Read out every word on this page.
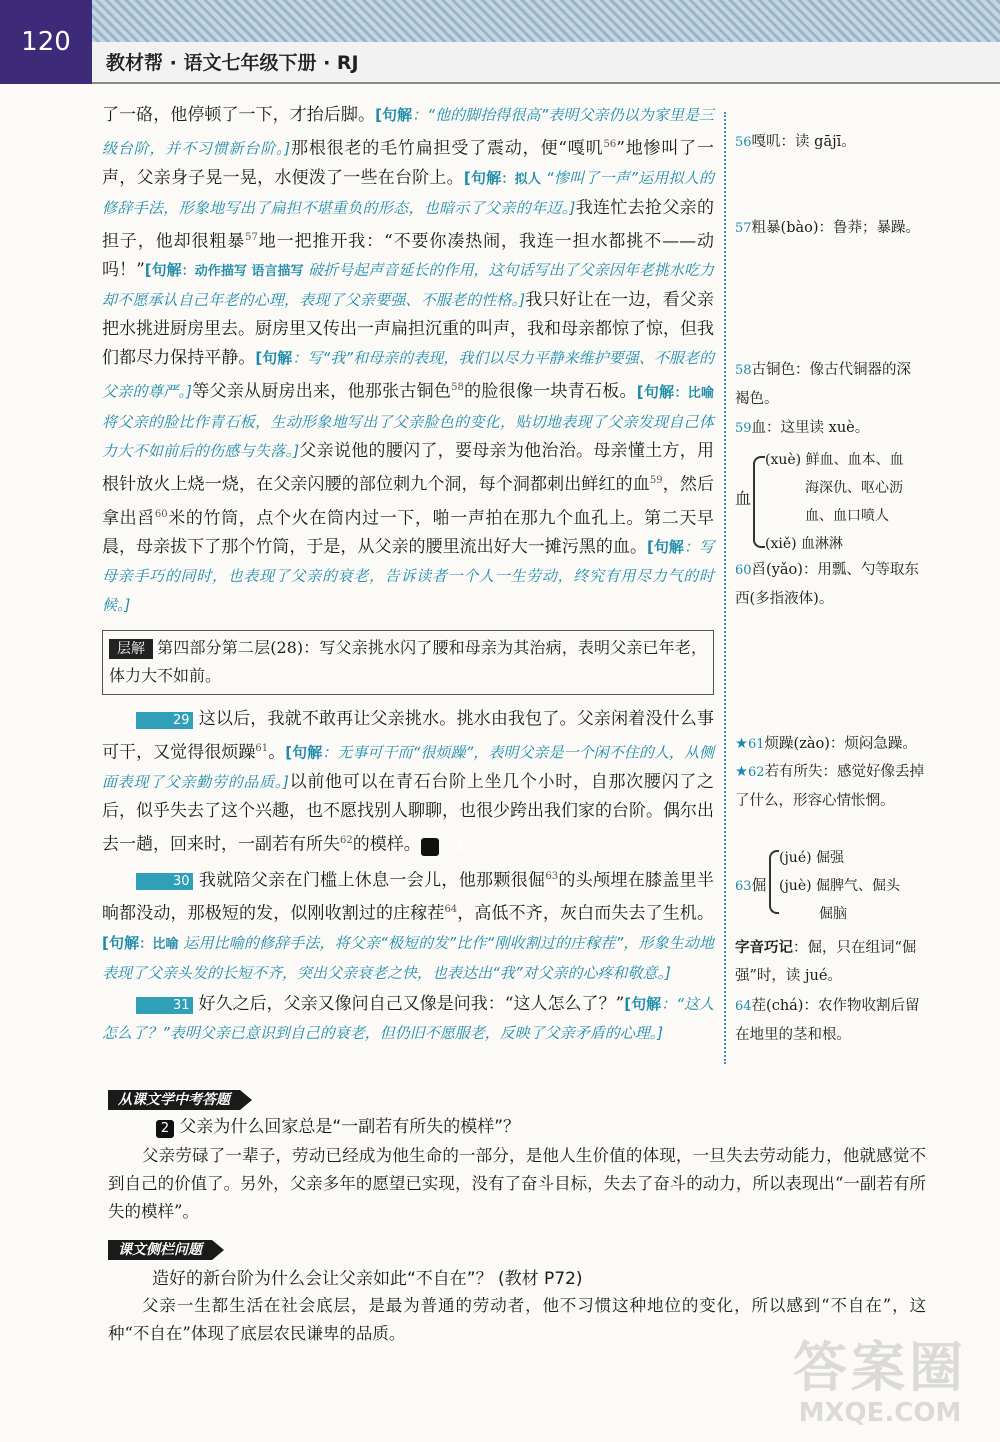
120
教材帮 · 语文七年级下册 · RJ

了一硌，他停顿了一下，才抬后脚。[句解：“他的脚抬得很高”表明父亲仍以为家里是三级台阶，并不习惯新台阶。]那根很老的毛竹扁担受了震动，便“嘎叽$^{56}$”地惨叫了一声，父亲身子晃一晃，水便泼了一些在台阶上。[句解：拟人 “惨叫了一声”运用拟人的修辞手法，形象地写出了扁担不堪重负的形态，也暗示了父亲的年迈。]我连忙去抢父亲的担子，他却很粗暴$^{57}$地一把推开我：“不要你凑热闹，我连一担水都挑不——动吗！”[句解：动作描写 语言描写 破折号起声音延长的作用，这句话写出了父亲因年老挑水吃力却不愿承认自己年老的心理，表现了父亲要强、不服老的性格。]我只好让在一边，看父亲把水挑进厨房里去。厨房里又传出一声扁担沉重的叫声，我和母亲都惊了惊，但我们都尽力保持平静。[句解：写“我”和母亲的表现，我们以尽力平静来维护要强、不服老的父亲的尊严。]等父亲从厨房出来，他那张古铜色$^{58}$的脸很像一块青石板。[句解：比喻 将父亲的脸比作青石板，生动形象地写出了父亲脸色的变化，贴切地表现了父亲发现自己体力大不如前后的伤感与失落。]父亲说他的腰闪了，要母亲为他治治。母亲懂土方，用根针放火上烧一烧，在父亲闪腰的部位刺九个洞，每个洞都刺出鲜红的血$^{59}$，然后拿出舀$^{60}$米的竹筒，点个火在筒内过一下，啪一声拍在那九个血孔上。第二天早晨，母亲拔下了那个竹筒，于是，从父亲的腰里流出好大一摊污黑的血。[句解：写母亲手巧的同时，也表现了父亲的衰老，告诉读者一个人一生劳动，终究有用尽力气的时候。]

层解 第四部分第二层(28)：写父亲挑水闪了腰和母亲为其治病，表明父亲已年老，体力大不如前。

29 这以后，我就不敢再让父亲挑水。挑水由我包了。父亲闲着没什么事可干，又觉得很烦躁$^{61}$。[句解：无事可干而“很烦躁”，表明父亲是一个闲不住的人，从侧面表现了父亲勤劳的品质。]以前他可以在青石台阶上坐几个小时，自那次腰闪了之后，似乎失去了这个兴趣，也不愿找别人聊聊，也很少跨出我们家的台阶。偶尔出去一趟，回来时，一副若有所失$^{62}$的模样。	2

30 我就陪父亲在门槛上休息一会儿，他那颗很倔$^{63}$的头颅埋在膝盖里半晌都没动，那极短的发，似刚收割过的庄稼茬$^{64}$，高低不齐，灰白而失去了生机。[句解：比喻 运用比喻的修辞手法，将父亲“极短的发”比作“刚收割过的庄稼茬”，形象生动地表现了父亲头发的长短不齐，突出父亲衰老之快，也表达出“我”对父亲的心疼和敬意。]

31 好久之后，父亲又像问自己又像是问我：“这人怎么了？”[句解：“这人怎么了？”表明父亲已意识到自己的衰老，但仍旧不愿服老，反映了父亲矛盾的心理。]

56嘎叽：读 gājī。
57粗暴(bào)：鲁莽；暴躁。
58古铜色：像古代铜器的深褐色。
59血：这里读 xuè。
血
(xuè) 鲜血、血本、血
海深仇、呕心沥
血、血口喷人
(xiě) 血淋淋
60舀(yǎo)：用瓢、勺等取东西(多指液体)。
★61烦躁(zào)：烦闷急躁。
★62若有所失：感觉好像丢掉了什么，形容心情怅惘。
63倔
(jué) 倔强
(juè) 倔脾气、倔头
倔脑
字音巧记：倔，只在组词“倔强”时，读 jué。
64茬(chá)：农作物收割后留在地里的茎和根。
从课文学中考答题
2 父亲为什么回家总是“一副若有所失的模样”？
父亲劳碌了一辈子，劳动已经成为他生命的一部分，是他人生价值的体现，一旦失去劳动能力，他就感觉不到自己的价值了。另外，父亲多年的愿望已实现，没有了奋斗目标，失去了奋斗的动力，所以表现出“一副若有所失的模样”。
课文侧栏问题
造好的新台阶为什么会让父亲如此“不自在”？ (教材 P72)
父亲一生都生活在社会底层，是最为普通的劳动者，他不习惯这种地位的变化，所以感到“不自在”，这种“不自在”体现了底层农民谦卑的品质。
答案圈
MXQE.COM
